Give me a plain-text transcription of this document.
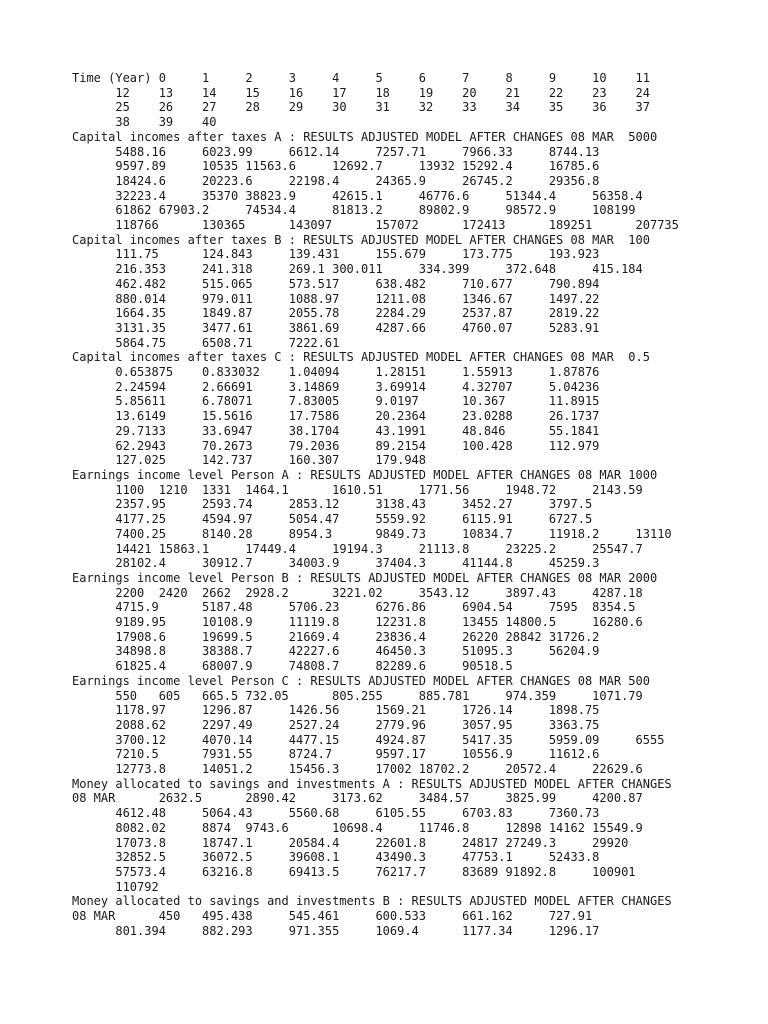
Time (Year) 0	1	2	3	4	5	6	7	8	9	10	11
	12	13	14	15	16	17	18	19	20	21	22	23	24
	25	26	27	28	29	30	31	32	33	34	35	36	37
	38	39	40
Capital incomes after taxes A : RESULTS ADJUSTED MODEL AFTER CHANGES 08 MAR  5000
	5488.16	6023.99	6612.14	7257.71	7966.33	8744.13
	9597.89	10535 11563.6	12692.7	13932 15292.4	16785.6
	18424.6	20223.6	22198.4	24365.9	26745.2	29356.8
	32223.4	35370 38823.9	42615.1	46776.6	51344.4	56358.4
	61862 67903.2	74534.4	81813.2	89802.9	98572.9	108199
	118766	130365	143097	157072	172413	189251	207735
Capital incomes after taxes B : RESULTS ADJUSTED MODEL AFTER CHANGES 08 MAR  100
	111.75	124.843	139.431	155.679	173.775	193.923
	216.353	241.318	269.1 300.011	334.399	372.648	415.184
	462.482	515.065	573.517	638.482	710.677	790.894
	880.014	979.011	1088.97	1211.08	1346.67	1497.22
	1664.35	1849.87	2055.78	2284.29	2537.87	2819.22
	3131.35	3477.61	3861.69	4287.66	4760.07	5283.91
	5864.75	6508.71	7222.61
Capital incomes after taxes C : RESULTS ADJUSTED MODEL AFTER CHANGES 08 MAR  0.5
	0.653875	0.833032	1.04094	1.28151	1.55913	1.87876
	2.24594	2.66691	3.14869	3.69914	4.32707	5.04236
	5.85611	6.78071	7.83005	9.0197	10.367	11.8915
	13.6149	15.5616	17.7586	20.2364	23.0288	26.1737
	29.7133	33.6947	38.1704	43.1991	48.846	55.1841
	62.2943	70.2673	79.2036	89.2154	100.428	112.979
	127.025	142.737	160.307	179.948
Earnings income level Person A : RESULTS ADJUSTED MODEL AFTER CHANGES 08 MAR 1000
	1100  1210  1331  1464.1	1610.51	1771.56	1948.72	2143.59
	2357.95	2593.74	2853.12	3138.43	3452.27	3797.5
	4177.25	4594.97	5054.47	5559.92	6115.91	6727.5
	7400.25	8140.28	8954.3	9849.73	10834.7	11918.2	13110
	14421 15863.1	17449.4	19194.3	21113.8	23225.2	25547.7
	28102.4	30912.7	34003.9	37404.3	41144.8	45259.3
Earnings income level Person B : RESULTS ADJUSTED MODEL AFTER CHANGES 08 MAR 2000
	2200  2420  2662  2928.2	3221.02	3543.12	3897.43	4287.18
	4715.9	5187.48	5706.23	6276.86	6904.54	7595  8354.5
	9189.95	10108.9	11119.8	12231.8	13455 14800.5	16280.6
	17908.6	19699.5	21669.4	23836.4	26220 28842 31726.2
	34898.8	38388.7	42227.6	46450.3	51095.3	56204.9
	61825.4	68007.9	74808.7	82289.6	90518.5
Earnings income level Person C : RESULTS ADJUSTED MODEL AFTER CHANGES 08 MAR 500
	550   605   665.5 732.05	805.255	885.781	974.359	1071.79
	1178.97	1296.87	1426.56	1569.21	1726.14	1898.75
	2088.62	2297.49	2527.24	2779.96	3057.95	3363.75
	3700.12	4070.14	4477.15	4924.87	5417.35	5959.09	6555
	7210.5	7931.55	8724.7	9597.17	10556.9	11612.6
	12773.8	14051.2	15456.3	17002 18702.2	20572.4	22629.6
Money allocated to savings and investments A : RESULTS ADJUSTED MODEL AFTER CHANGES
08 MAR	2632.5	2890.42	3173.62	3484.57	3825.99	4200.87
	4612.48	5064.43	5560.68	6105.55	6703.83	7360.73
	8082.02	8874  9743.6	10698.4	11746.8	12898 14162 15549.9
	17073.8	18747.1	20584.4	22601.8	24817 27249.3	29920
	32852.5	36072.5	39608.1	43490.3	47753.1	52433.8
	57573.4	63216.8	69413.5	76217.7	83689 91892.8	100901
	110792
Money allocated to savings and investments B : RESULTS ADJUSTED MODEL AFTER CHANGES
08 MAR	450	495.438	545.461	600.533	661.162	727.91
	801.394	882.293	971.355	1069.4	1177.34	1296.17
